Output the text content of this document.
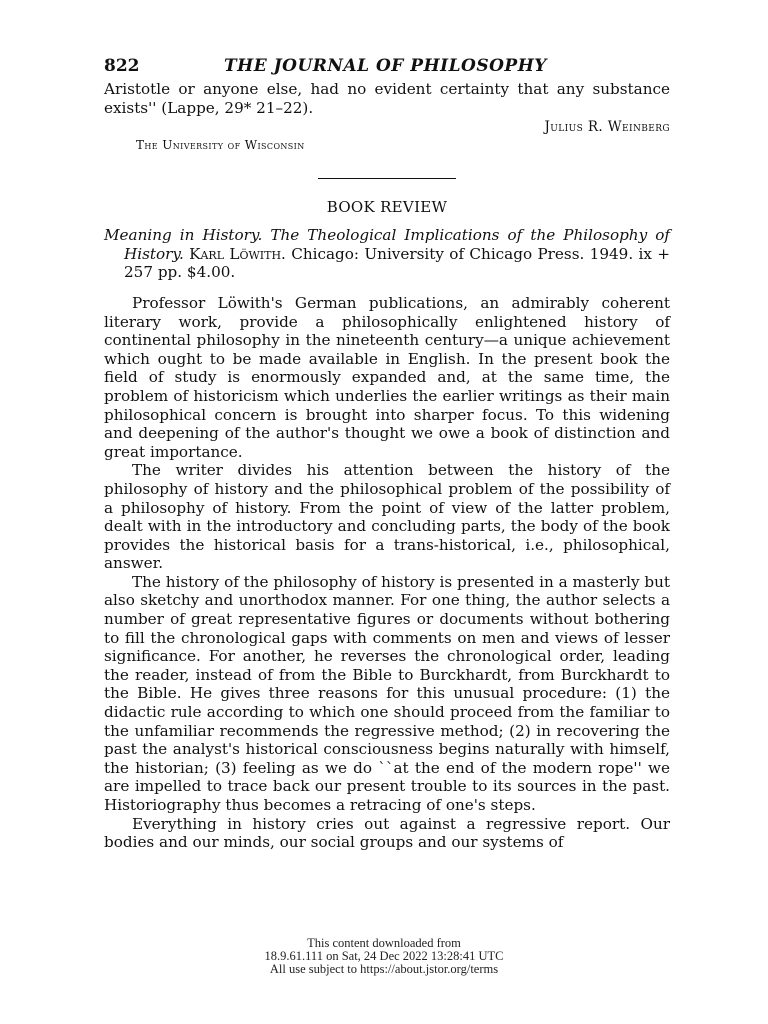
822	THE JOURNAL OF PHILOSOPHY

Aristotle or anyone else, had no evident certainty that any substance exists'' (Lappe, 29* 21–22).

Julius R. Weinberg
The University of Wisconsin
BOOK REVIEW

Meaning in History. The Theological Implications of the Philosophy of History. Karl Löwith. Chicago: University of Chicago Press. 1949. ix + 257 pp. $4.00.

Professor Löwith's German publications, an admirably coherent literary work, provide a philosophically enlightened history of continental philosophy in the nineteenth century—a unique achievement which ought to be made available in English. In the present book the field of study is enormously expanded and, at the same time, the problem of historicism which underlies the earlier writings as their main philosophical concern is brought into sharper focus. To this widening and deepening of the author's thought we owe a book of distinction and great importance.

The writer divides his attention between the history of the philosophy of history and the philosophical problem of the possibility of a philosophy of history. From the point of view of the latter problem, dealt with in the introductory and concluding parts, the body of the book provides the historical basis for a trans-historical, i.e., philosophical, answer.

The history of the philosophy of history is presented in a masterly but also sketchy and unorthodox manner. For one thing, the author selects a number of great representative figures or documents without bothering to fill the chronological gaps with comments on men and views of lesser significance. For another, he reverses the chronological order, leading the reader, instead of from the Bible to Burckhardt, from Burckhardt to the Bible. He gives three reasons for this unusual procedure: (1) the didactic rule according to which one should proceed from the familiar to the unfamiliar recommends the regressive method; (2) in recovering the past the analyst's historical consciousness begins naturally with himself, the historian; (3) feeling as we do ``at the end of the modern rope'' we are impelled to trace back our present trouble to its sources in the past. Historiography thus becomes a retracing of one's steps.

Everything in history cries out against a regressive report. Our bodies and our minds, our social groups and our systems of

This content downloaded from
18.9.61.111 on Sat, 24 Dec 2022 13:28:41 UTC
All use subject to https://about.jstor.org/terms
